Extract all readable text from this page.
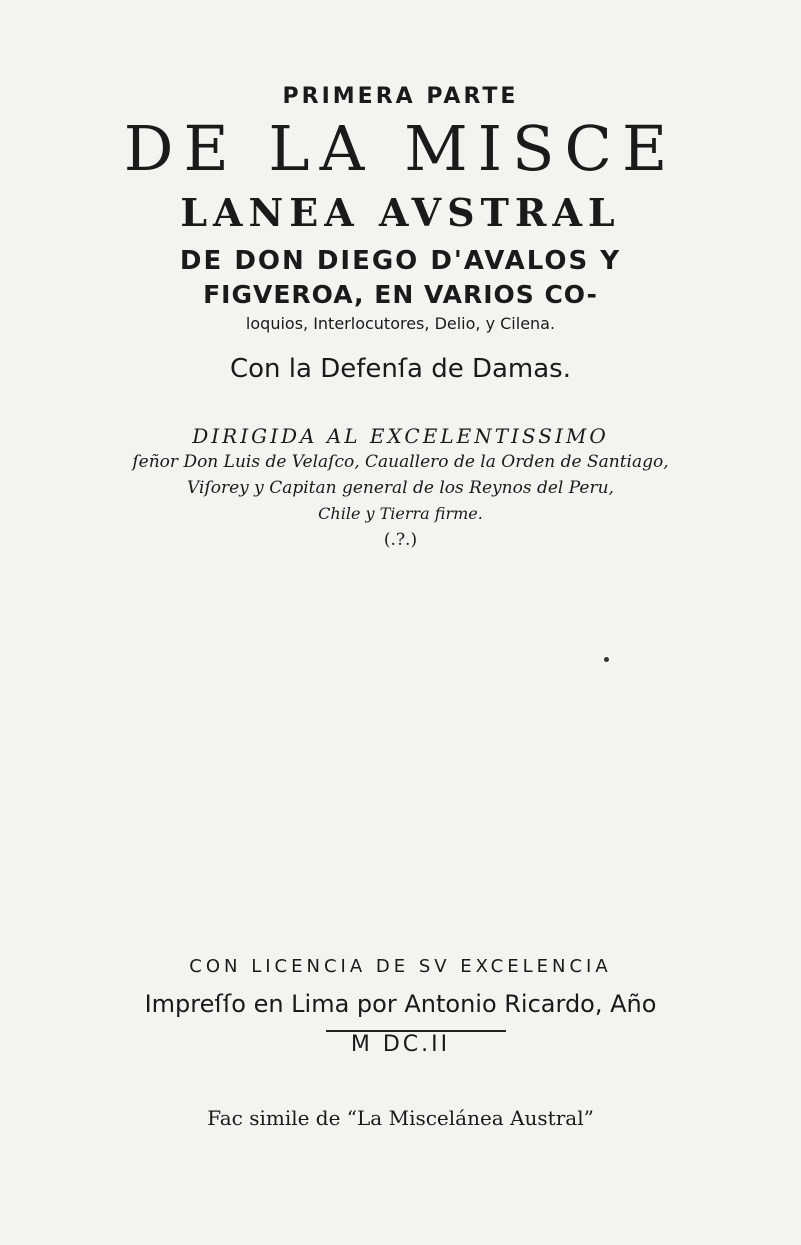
PRIMERA PARTE
DE LA MISCE
LANEA AVSTRAL
DE DON DIEGO D'AVALOS Y
FIGVEROA, EN VARIOS CO-
loquios, Interlocutores, Delio, y Cilena.
Con la Defenſa de Damas.
DIRIGIDA AL EXCELENTISSIMO
ſeñor Don Luis de Velaſco, Cauallero de la Orden de Santiago,
Viſorey y Capitan general de los Reynos del Peru,
Chile y Tierra firme.
(.?.)
CON LICENCIA DE SV EXCELENCIA
Impreſſo en Lima por Antonio Ricardo, Año
M DC.II
Fac simile de “La Miscelánea Austral”
